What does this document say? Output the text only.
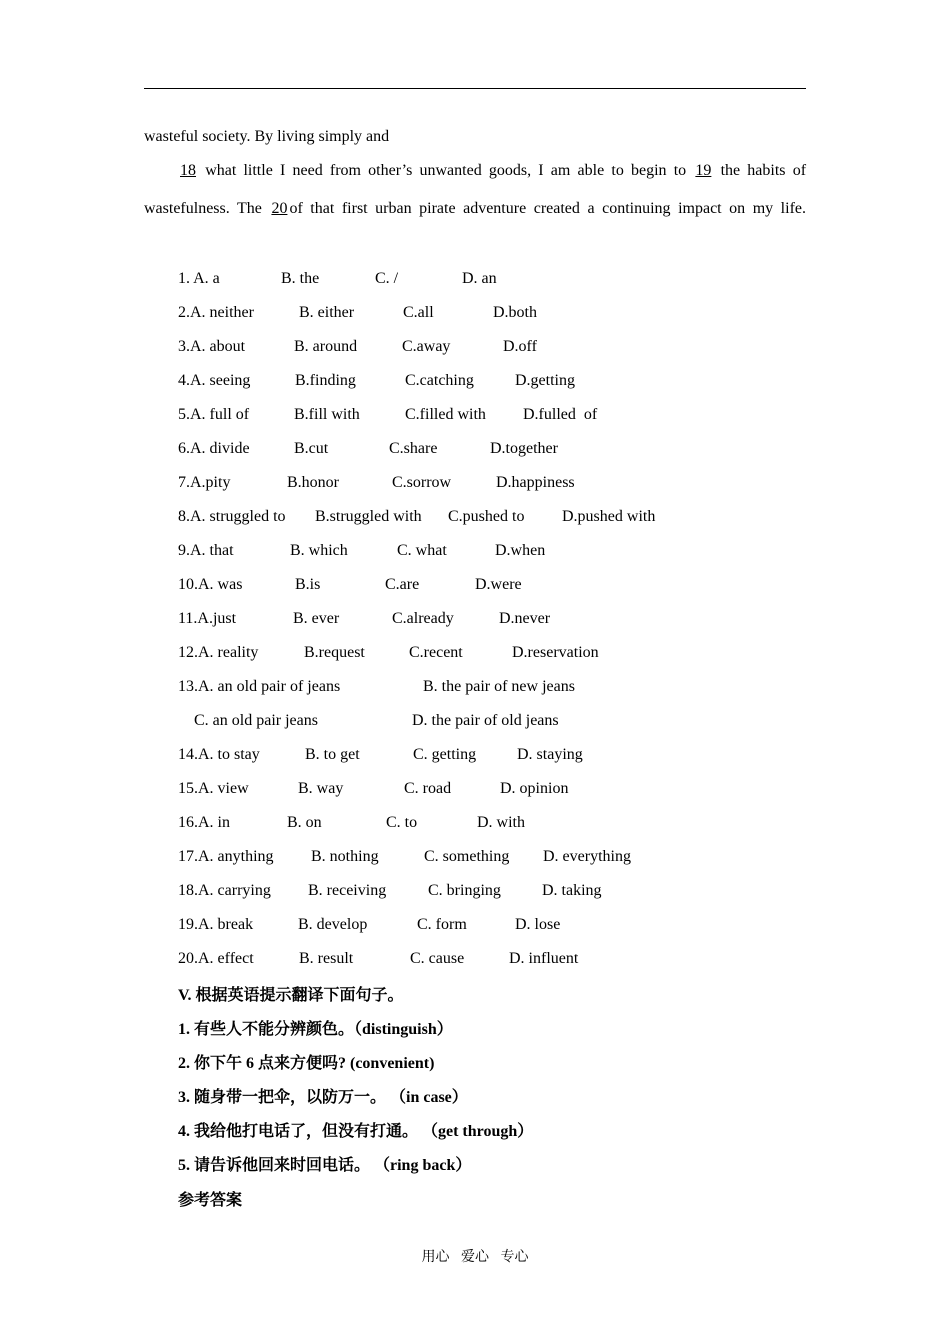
wasteful society. By living simply and
18 what little I need from other’s unwanted goods, I am able to begin to 19 the habits of
wastefulness. The 20 of that first urban pirate adventure created a continuing impact on my life.
1. A. a	B. the	C. /	D. an
2.A. neither	B. either	C.all	D.both
3.A. about	B. around	C.away	D.off
4.A. seeing	B.finding	C.catching	D.getting
5.A. full of	B.fill with	C.filled with D.fulled  of
6.A. divide	B.cut	C.share	D.together
7.A.pity	B.honor	C.sorrow	D.happiness
8.A. struggled to B.struggled with C.pushed to D.pushed with
9.A. that	B. which	C. what	D.when
10.A. was	B.is	C.are	D.were
11.A.just	B. ever	C.already	D.never
12.A. reality	B.request	C.recent	D.reservation
13.A. an old pair of jeans	B. the pair of new jeans
C. an old pair jeans	D. the pair of old jeans
14.A. to stay	B. to get	C. getting	D. staying
15.A. view	B. way	C. road	D. opinion
16.A. in	B. on	C. to	D. with
17.A. anything B. nothing	C. something D. everything
18.A. carrying B. receiving	C. bringing	D. taking
19.A. break	B. develop	C. form	D. lose
20.A. effect	B. result	C. cause	D. influent
V. 根据英语提示翻译下面句子。
1. 有些人不能分辨颜色。（distinguish）
2. 你下午 6 点来方便吗? (convenient)
3. 随身带一把伞，以防万一。 （in case）
4. 我给他打电话了，但没有打通。 （get through）
5. 请告诉他回来时回电话。 （ring back）
参考答案
用心 爱心 专心
